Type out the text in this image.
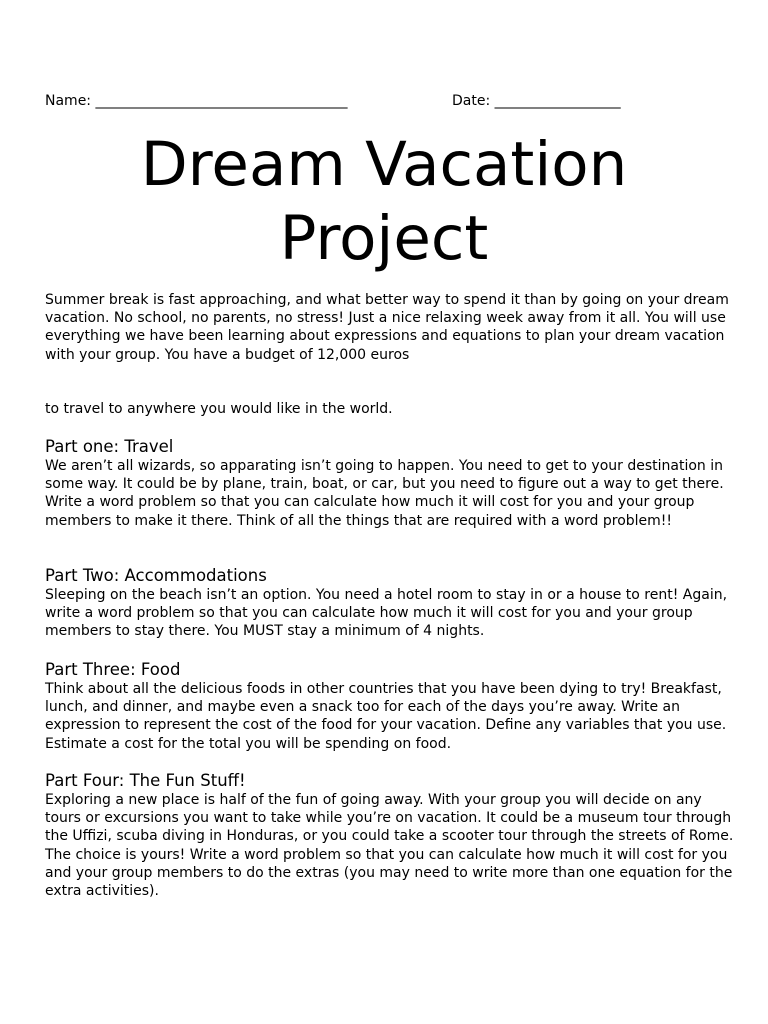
Name: ____________________________________	Date: __________________
Dream Vacation
Project

Summer break is fast approaching, and what better way to spend it than by going on your dream vacation. No school, no parents, no stress! Just a nice relaxing week away from it all. You will use everything we have been learning about expressions and equations to plan your dream vacation with your group. You have a budget of 12,000 euros

to travel to anywhere you would like in the world.

Part one: Travel

We aren’t all wizards, so apparating isn’t going to happen. You need to get to your destination in some way. It could be by plane, train, boat, or car, but you need to figure out a way to get there. Write a word problem so that you can calculate how much it will cost for you and your group members to make it there. Think of all the things that are required with a word problem!!

Part Two: Accommodations

Sleeping on the beach isn’t an option. You need a hotel room to stay in or a house to rent! Again, write a word problem so that you can calculate how much it will cost for you and your group members to stay there. You MUST stay a minimum of 4 nights.

Part Three: Food

Think about all the delicious foods in other countries that you have been dying to try! Breakfast, lunch, and dinner, and maybe even a snack too for each of the days you’re away. Write an expression to represent the cost of the food for your vacation. Define any variables that you use. Estimate a cost for the total you will be spending on food.

Part Four: The Fun Stuff!

Exploring a new place is half of the fun of going away. With your group you will decide on any tours or excursions you want to take while you’re on vacation. It could be a museum tour through the Uffizi, scuba diving in Honduras, or you could take a scooter tour through the streets of Rome. The choice is yours! Write a word problem so that you can calculate how much it will cost for you and your group members to do the extras (you may need to write more than one equation for the extra activities).
